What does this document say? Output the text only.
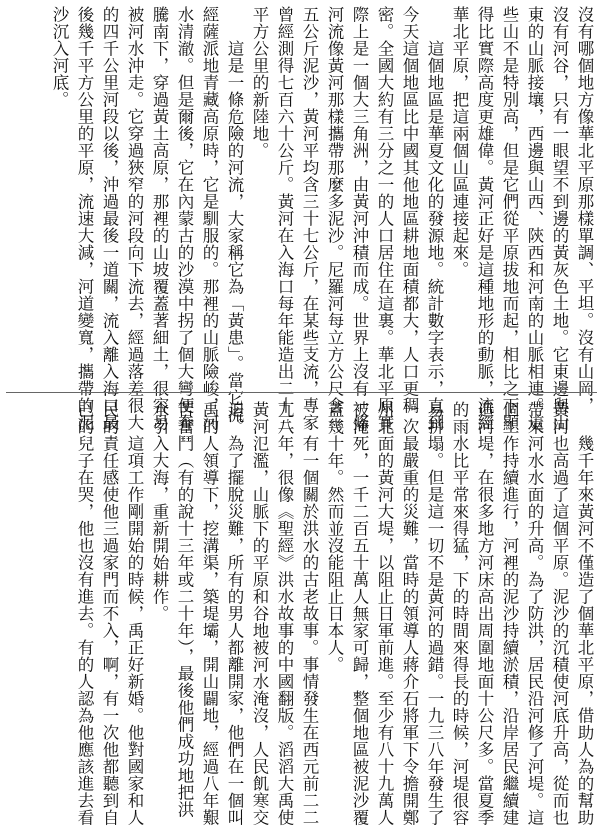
沒有哪個地方像華北平原那樣單調、平坦。沒有山岡，

沒有河谷，只有一眼望不到邊的黃灰色土地。它東邊與山

東的山脈接壤，西邊與山西、陝西和河南的山脈相連。這

些山不是特別高，但是它們從平原拔地而起，相比之下顯

得比實際高度更雄偉。黃河正好是這種地形的動脈，流經

華北平原，把這兩個山區連接起來。

　　這個地區是華夏文化的發源地。統計數字表示，直到

今天這個地區比中國其他地區耕地面積都大，人口更稠

密。全國大約有三分之一的人口居住在這裏。華北平原實

際上是一個大三角洲，由黃河沖積而成。世界上沒有一條

河流像黃河那樣攜帶那麼多泥沙。尼羅河每立方公尺含一

五公斤泥沙，黃河平均含三十七公斤，在某些支流，專家

曾經測得七百六十公斤。黃河在入海口每年能造出二十三

平方公里的新陸地。

　　這是一條危險的河流，大家稱它為「黃患」。當它流

經薩派地青藏高原時，它是馴服的。那裡的山脈險峻，河

水清澈。但是爾後，它在內蒙古的沙漠中拐了個大彎便奔

騰南下，穿過黃土高原，那裡的山坡覆蓋著細土，很容易

被河水沖走。它穿過狹窄的河段向下流去，經過落差很大

的四千公里河段以後，沖過最後一道關，流入離入海口最

後幾千平方公里的平原，流速大減，河道變寬，攜帶的泥

沙沉入河底。

　　幾千年來黃河不僅造了個華北平原，借助人為的幫助

黃河也高過了這個平原。泥沙的沉積使河底升高，從而也

帶來河水水面的升高。為了防洪，居民沿河修了河堤。這

個工作持續進行，河裡的泥沙持續淤積，沿岸居民繼續建

造河堤，在很多地方河床高出周圍地面十公尺多。當夏季

的雨水比平常來得猛，下的時間來得長的時候，河堤很容

易拼塌。但是這一切不是黃河的過錯。一九三八年發生了

一次最嚴重的災難，當時的領導人蔣介石將軍下令擔開鄭

州北面的黃河大堤，以阻止日軍前進。至少有八十九萬人

被淹死，一千二百五十萬人無家可歸，整個地區被泥沙覆

蓋幾十年。然而並沒能阻止日本人。

　　有一個關於洪水的古老故事。事情發生在西元前二二

九八年，很像《聖經》洪水故事的中國翻版。滔滔大禹使

黃河氾濫，山脈下的平原和谷地被河水淹沒，人民飢寒交

迫。為了擺脫災難，所有的男人都離開家，他們在一個叫

禹的人領導下，挖溝渠，築堤壩，開山闢地，經過八年艱

苦奮鬥（有的說十三年或二十年），最後他們成功地把洪

水引入大海，重新開始耕作。

　　這項工作剛開始的時候，禹正好新婚。他對國家和人

民的責任感使他三過家門而不入，啊，有一次他都聽到自

己的兒子在哭，他也沒有進去。有的人認為他應該進去看
